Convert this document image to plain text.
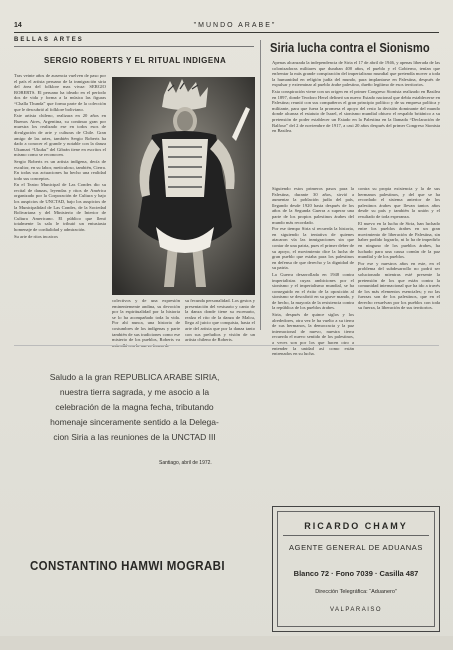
14	"MUNDO ARABE"
BELLAS ARTES
SERGIO ROBERTS Y EL RITUAL INDIGENA

Tras veinte años de ausencia vuelven de paso por el país el artista peruano de la inmigración siria del área del folklore mas vivaz: SERGIO ROBERTS. El peruano ha ideado en el período dos de vida y forma a la música las figuras “Challa Thunda” que forma parte de la colección que le descubrió al folklore boliviano.

Este artista chileno, realizara en 20 años en Buenos Aires, Argentina, su continuo gran por muestra los realizado ese en todos esos de divulgación de arte y culturas de Chile. Gran amigo de las artes, también Sergio Roberts ha dado a conocer el grande y notable con la danza Ukumari “Ukuku” del Gibrán tiene en escritos el mismo como se reconocen.

Sergio Roberts es un artista indígena, decía de escultor, en su labor, meticuloso, también, Cierra. En todas sus actuaciones ha hecho una realidad todo sus conceptos.

En el Teatro Municipal de Las Condes dio su recital de danzas, leyendas y ritos de América organizado por la Corporación de Cultura y bajo los auspicios de UNCTAD, bajo los auspicios de la Municipalidad de Las Condes, de la Sociedad Bolivariana y del Ministerio de Interior de Cultura Americano. El público que llenó totalmente la sala le tributó un entusiasta homenaje de cordialidad y admiración.

Su arte de ritos incaicos

colectivos y de una expresión eminentemente andina, su devoción por la espiritualidad por la historia se lo ha acompañado toda la vida. Por ahí nunca, una historia de costumbres de los indígenas y parte también de sus tradiciones como ese misterio de los pueblos, Roberts va más allá con la nueva forma de

su fecunda personalidad. Los gestos y presentación del vestuario y canto de la danza donde tiene su escenario, realza el rito de la danza de Malcu, llega al juicio que conquista, hasta el arte del artista que por la danza tanto con sus preludios y visión de un artista chileno de Roberts.

Siria lucha contra el Sionismo

Apenas alcanzada la independencia de Siria el 17 de abril de 1946, y apenas liberada de las colonizadoras militares que duraban 400 años, el pueblo y el Gobierno, tenían que enfrentar la más grande conspiración del imperialismo mundial que pretendía mover a toda la humanidad en religión judía del mundo, para implantarse en Palestina, después de expulsar y exterminar al pueblo árabe palestino, dueño legítimo de esos territorios.

Esta conspiración viene con un origen en el primer Congreso Sionista realizado en Basilea en 1897, donde Teodoro Herzl delineó un nuevo Estado nacional que debía establecerse en Palestina; reunió con sus compañeros el gran principio político y de su empresa política y militante, para que fuera la promesa el apoyo del resto la división dominante del mundo donde alcanza el estatuto de Israel, el sionismo mundial obtuvo el respaldo británico a su pretensión de poder establecer un Estado en la Palestina en la llamada “Declaración de Balfour” del 2 de noviembre de 1917, a casi 20 años después del primer Congreso Sionista en Basilea.

Siguiendo estos primeros pasos para la Palestina, durante 30 años, sirvió a aumentar la población judía del país, llegando desde 1920 hasta después de los años de la Segunda Guerra a superar una parte de los propios palestinos árabes del mundo más recordado.

Por ese tiempo Siria sí recuerda la historia, en siguiendo la tentativa de quienes atacaron vía las inmigraciones sin que contar de una patria, pues el primer deber de su apoyo, el movimiento dice la lucha de gran pueblo que estaba para los palestinos en defensa de que derecho y la dignidad de su patria.

La Guerra desarrollada en 1948 contra imperialistas cuyas ambiciones por el sionismo y el imperialismo mundial, se ha conseguido en el éxito de la oposición al sionismo se descubrió en su grave mando, y de hecho, la mayoría de la resistencia contra la república de los pueblos árabes.

Siria, después de quince siglos y los alrededores, otra vez le ha vuelto a su tierra de sus hermanos, la democracia y la paz internacional de nuevo, nuestra tierra recuerda el nuevo sentido de los palestinos, a veces son por los que hacen otro a entender la unidad así como están entrenados en su lucha.

contra su propia existencia y la de sus hermanos palestinos, y del que se ha recordado el sistema anterior de los palestinos árabes que llevan tantos años desde su país y también la unión y el resultado de toda esperanza.

El nuevo en la lucha de Siria, han luchado entre los pueblos árabes en un gran movimiento de liberación de Palestina, sin haber podido lograrlo, ni lo ha de impedirlo en ninguno de los pueblos árabes, ha luchado para una causa común de la paz mundial y de los pueblos.

Por ese y nuestros años en este, en el problema del subdesarrollo no podrá ser solucionado mientras esté presente la pretensión de los que están contra la comunidad internacional que ha ido a través de los más elementos esenciales; y no las fuerzas son de los palestinos, que en el derecho resuelvan por los pueblos con toda su fuerza, la liberación de sus territorios.

Saludo a la gran REPUBLICA ARABE SIRIA,
nuestra tierra sagrada, y me asocio a la
celebración de la magna fecha, tributando
homenaje sinceramente sentido a la Delega-
cion Siria a las reuniones de la UNCTAD III
Santiago, abril de 1972.
CONSTANTINO HAMWI MOGRABI
RICARDO CHAMY
AGENTE GENERAL DE ADUANAS
Blanco 72 · Fono 7039 · Casilla 487
Dirección Telegráfica: “Aduanero”
VALPARAISO
